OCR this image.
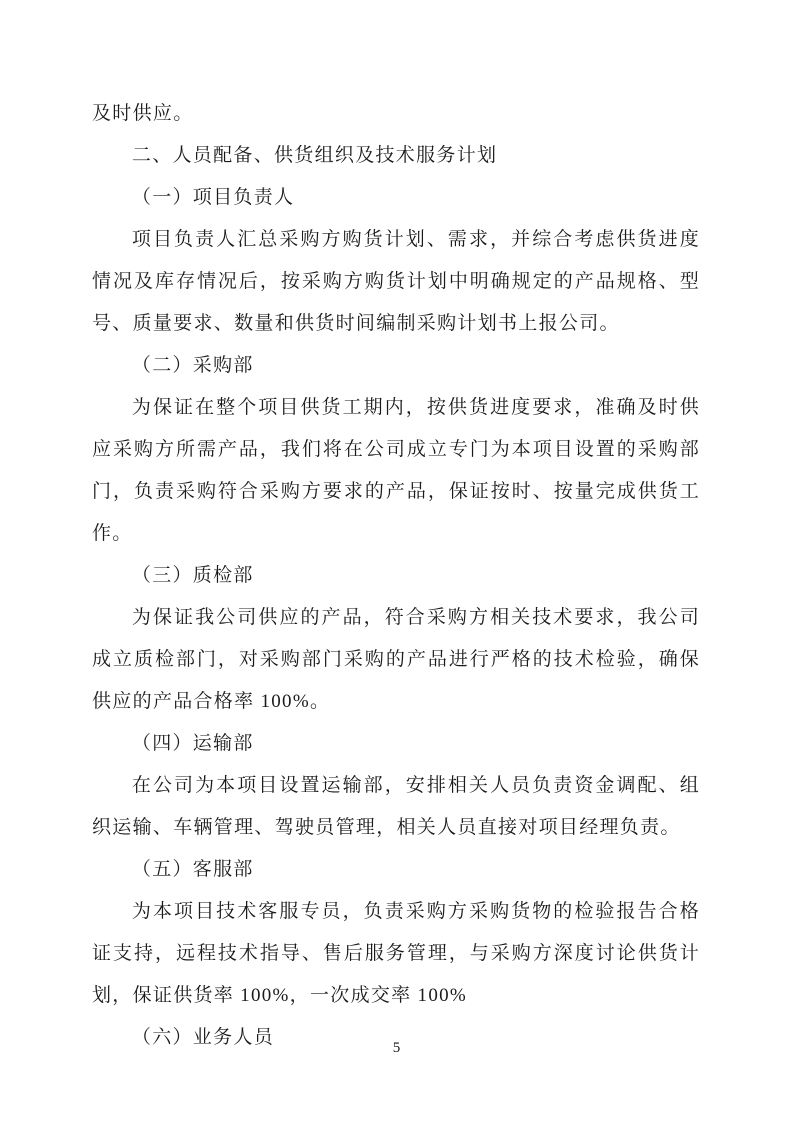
及时供应。

二、人员配备、供货组织及技术服务计划

（一）项目负责人

项目负责人汇总采购方购货计划、需求，并综合考虑供货进度情况及库存情况后，按采购方购货计划中明确规定的产品规格、型号、质量要求、数量和供货时间编制采购计划书上报公司。

（二）采购部

为保证在整个项目供货工期内，按供货进度要求，准确及时供应采购方所需产品，我们将在公司成立专门为本项目设置的采购部门，负责采购符合采购方要求的产品，保证按时、按量完成供货工作。

（三）质检部

为保证我公司供应的产品，符合采购方相关技术要求，我公司成立质检部门，对采购部门采购的产品进行严格的技术检验，确保供应的产品合格率 100%。

（四）运输部

在公司为本项目设置运输部，安排相关人员负责资金调配、组织运输、车辆管理、驾驶员管理，相关人员直接对项目经理负责。

（五）客服部

为本项目技术客服专员，负责采购方采购货物的检验报告合格证支持，远程技术指导、售后服务管理，与采购方深度讨论供货计划，保证供货率 100%，一次成交率 100%

（六）业务人员	5
